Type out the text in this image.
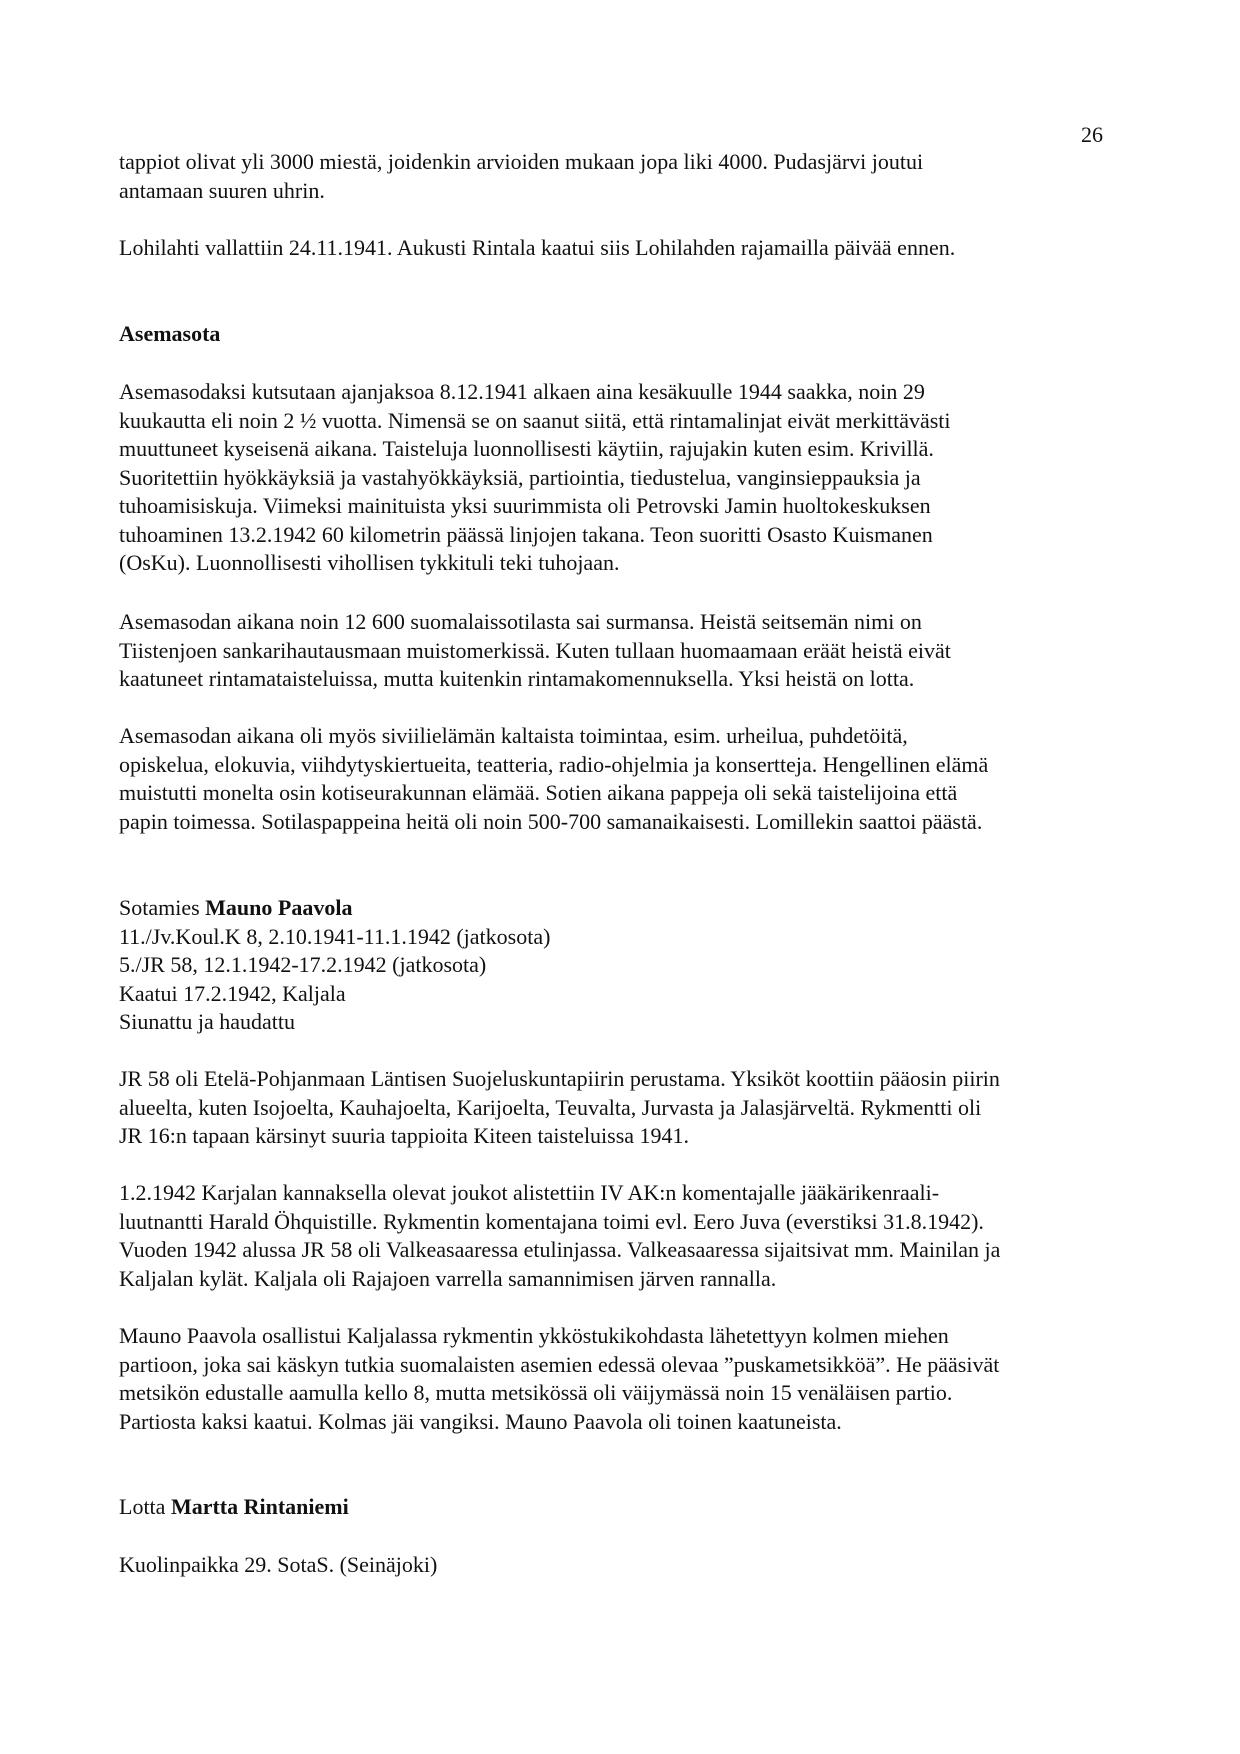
26

tappiot olivat yli 3000 miestä, joidenkin arvioiden mukaan jopa liki 4000. Pudasjärvi joutui
antamaan suuren uhrin.

Lohilahti vallattiin 24.11.1941. Aukusti Rintala kaatui siis Lohilahden rajamailla päivää ennen.

Asemasota

Asemasodaksi kutsutaan ajanjaksoa 8.12.1941 alkaen aina kesäkuulle 1944 saakka, noin 29
kuukautta eli noin 2 ½ vuotta. Nimensä se on saanut siitä, että rintamalinjat eivät merkittävästi
muuttuneet kyseisenä aikana. Taisteluja luonnollisesti käytiin, rajujakin kuten esim. Krivillä.
Suoritettiin hyökkäyksiä ja vastahyökkäyksiä, partiointia, tiedustelua, vanginsieppauksia ja
tuhoamisiskuja. Viimeksi mainituista yksi suurimmista oli Petrovski Jamin huoltokeskuksen
tuhoaminen 13.2.1942 60 kilometrin päässä linjojen takana. Teon suoritti Osasto Kuismanen
(OsKu). Luonnollisesti vihollisen tykkituli teki tuhojaan.

Asemasodan aikana noin 12 600 suomalaissotilasta sai surmansa. Heistä seitsemän nimi on
Tiistenjoen sankarihautausmaan muistomerkissä. Kuten tullaan huomaamaan eräät heistä eivät
kaatuneet rintamataisteluissa, mutta kuitenkin rintamakomennuksella. Yksi heistä on lotta.

Asemasodan aikana oli myös siviilielämän kaltaista toimintaa, esim. urheilua, puhdetöitä,
opiskelua, elokuvia, viihdytyskiertueita, teatteria, radio-ohjelmia ja konsertteja. Hengellinen elämä
muistutti monelta osin kotiseurakunnan elämää. Sotien aikana pappeja oli sekä taistelijoina että
papin toimessa. Sotilaspappeina heitä oli noin 500-700 samanaikaisesti. Lomillekin saattoi päästä.

Sotamies Mauno Paavola
11./Jv.Koul.K 8, 2.10.1941-11.1.1942 (jatkosota)
5./JR 58, 12.1.1942-17.2.1942 (jatkosota)
Kaatui 17.2.1942, Kaljala
Siunattu ja haudattu

JR 58 oli Etelä-Pohjanmaan Läntisen Suojeluskuntapiirin perustama. Yksiköt koottiin pääosin piirin
alueelta, kuten Isojoelta, Kauhajoelta, Karijoelta, Teuvalta, Jurvasta ja Jalasjärveltä. Rykmentti oli
JR 16:n tapaan kärsinyt suuria tappioita Kiteen taisteluissa 1941.

1.2.1942 Karjalan kannaksella olevat joukot alistettiin IV AK:n komentajalle jääkärikenraali-
luutnantti Harald Öhquistille. Rykmentin komentajana toimi evl. Eero Juva (everstiksi 31.8.1942).
Vuoden 1942 alussa JR 58 oli Valkeasaaressa etulinjassa. Valkeasaaressa sijaitsivat mm. Mainilan ja
Kaljalan kylät. Kaljala oli Rajajoen varrella samannimisen järven rannalla.

Mauno Paavola osallistui Kaljalassa rykmentin ykköstukikohdasta lähetettyyn kolmen miehen
partioon, joka sai käskyn tutkia suomalaisten asemien edessä olevaa ”puskametsikköä”. He pääsivät
metsikön edustalle aamulla kello 8, mutta metsikössä oli väijymässä noin 15 venäläisen partio.
Partiosta kaksi kaatui. Kolmas jäi vangiksi. Mauno Paavola oli toinen kaatuneista.

Lotta Martta Rintaniemi

Kuolinpaikka 29. SotaS. (Seinäjoki)
